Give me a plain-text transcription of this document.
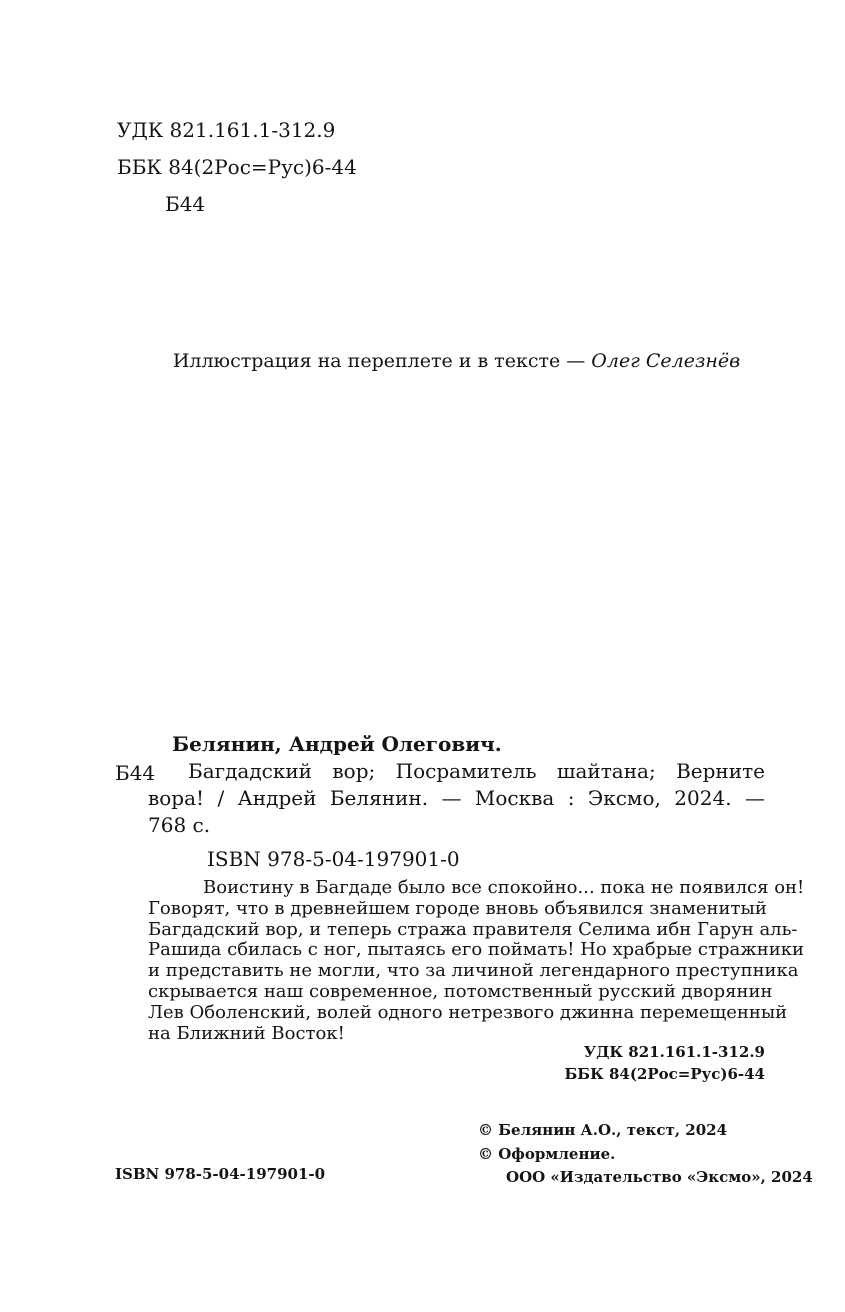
УДК 821.161.1-312.9
ББК 84(2Рос=Рус)6-44
Б44
Иллюстрация на переплете и в тексте — Олег Селезнёв
Б44
Белянин, Андрей Олегович.
Багдадский вор; Посрамитель шайтана; Верните
вора! / Андрей Белянин. — Москва : Эксмо, 2024. —
768 с.
ISBN 978-5-04-197901-0
Воистину в Багдаде было все спокойно... пока не появился он!
Говорят, что в древнейшем городе вновь объявился знаменитый
Багдадский вор, и теперь стража правителя Селима ибн Гарун аль-
Рашида сбилась с ног, пытаясь его поймать! Но храбрые стражники
и представить не могли, что за личиной легендарного преступника
скрывается наш современное, потомственный русский дворянин
Лев Оболенский, волей одного нетрезвого джинна перемещенный
на Ближний Восток!
УДК 821.161.1-312.9
ББК 84(2Рос=Рус)6-44
© Белянин А.О., текст, 2024
© Оформление.
ООО «Издательство «Эксмо», 2024
ISBN 978-5-04-197901-0
